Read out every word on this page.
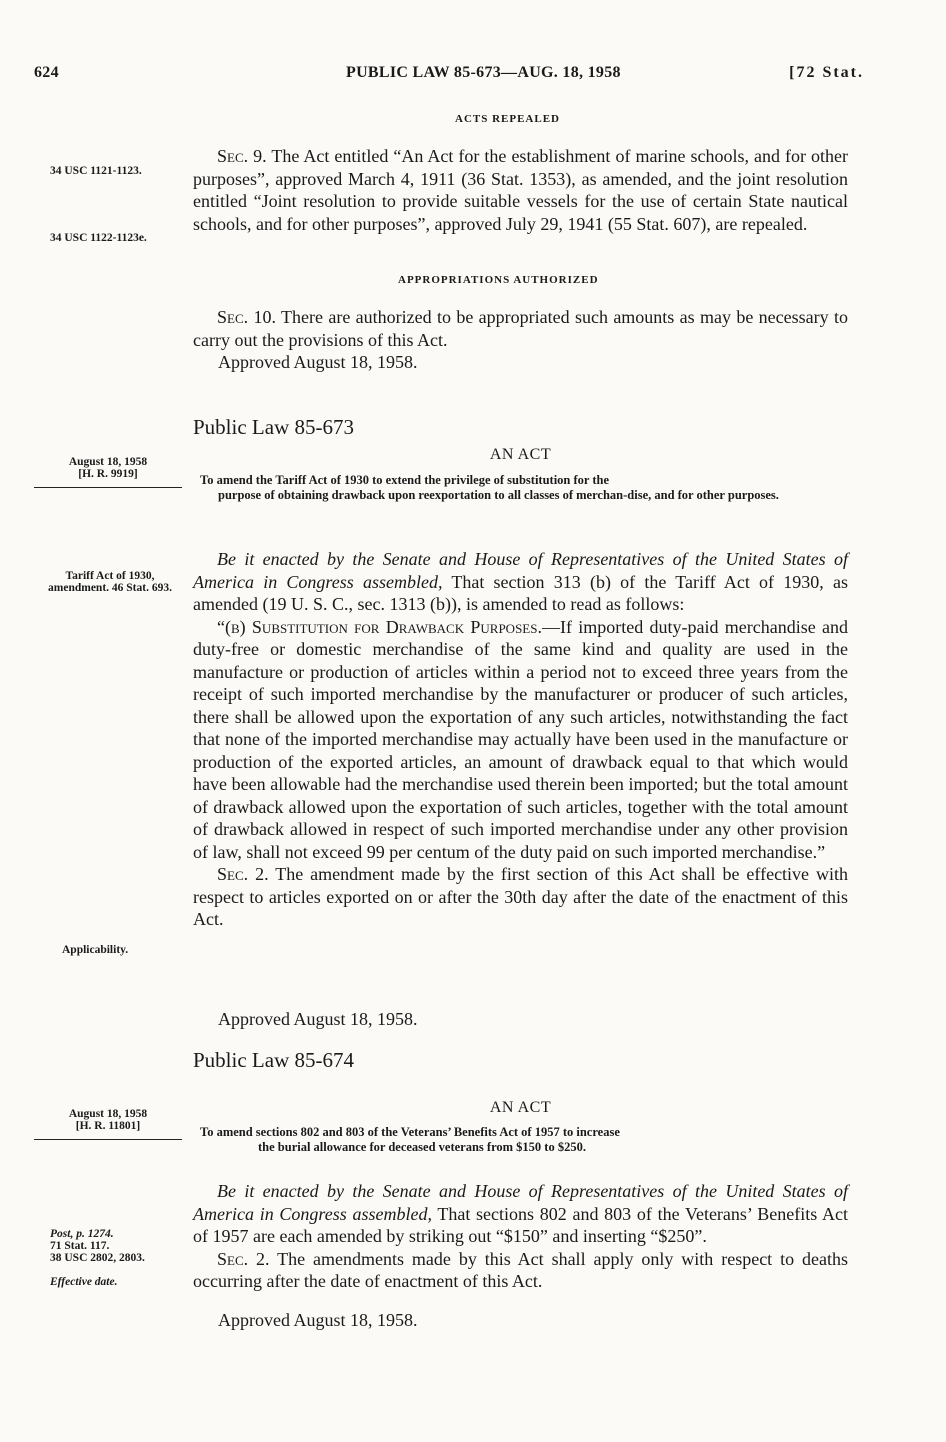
624	PUBLIC LAW 85-673—AUG. 18, 1958	[72 Stat.
ACTS REPEALED
34 USC 1121-1123.
34 USC 1122-1123e.

Sec. 9. The Act entitled “An Act for the establishment of marine schools, and for other purposes”, approved March 4, 1911 (36 Stat. 1353), as amended, and the joint resolution entitled “Joint resolution to provide suitable vessels for the use of certain State nautical schools, and for other purposes”, approved July 29, 1941 (55 Stat. 607), are repealed.

APPROPRIATIONS AUTHORIZED

Sec. 10. There are authorized to be appropriated such amounts as may be necessary to carry out the provisions of this Act.

Approved August 18, 1958.
Public Law 85-673
AN ACT
August 18, 1958
[H. R. 9919]	To amend the Tariff Act of 1930 to extend the privilege of substitution for the
purpose of obtaining drawback upon reexportation to all classes of merchan-dise, and for other purposes.
Tariff Act of 1930, amendment. 46 Stat. 693.

Be it enacted by the Senate and House of Representatives of the United States of America in Congress assembled, That section 313 (b) of the Tariff Act of 1930, as amended (19 U. S. C., sec. 1313 (b)), is amended to read as follows:

“(b) Substitution for Drawback Purposes.—If imported duty-paid merchandise and duty-free or domestic merchandise of the same kind and quality are used in the manufacture or production of articles within a period not to exceed three years from the receipt of such imported merchandise by the manufacturer or producer of such articles, there shall be allowed upon the exportation of any such articles, notwithstanding the fact that none of the imported merchandise may actually have been used in the manufacture or production of the exported articles, an amount of drawback equal to that which would have been allowable had the merchandise used therein been imported; but the total amount of drawback allowed upon the exportation of such articles, together with the total amount of drawback allowed in respect of such imported merchandise under any other provision of law, shall not exceed 99 per centum of the duty paid on such imported merchandise.”

Sec. 2. The amendment made by the first section of this Act shall be effective with respect to articles exported on or after the 30th day after the date of the enactment of this Act.

Applicability.
Approved August 18, 1958.
Public Law 85-674
AN ACT
August 18, 1958
[H. R. 11801]	To amend sections 802 and 803 of the Veterans’ Benefits Act of 1957 to increase
the burial allowance for deceased veterans from $150 to $250.

Be it enacted by the Senate and House of Representatives of the United States of America in Congress assembled, That sections 802 and 803 of the Veterans’ Benefits Act of 1957 are each amended by striking out “$150” and inserting “$250”.

Sec. 2. The amendments made by this Act shall apply only with respect to deaths occurring after the date of enactment of this Act.

Post, p. 1274.
71 Stat. 117.
38 USC 2802, 2803.
Effective date.
Approved August 18, 1958.
